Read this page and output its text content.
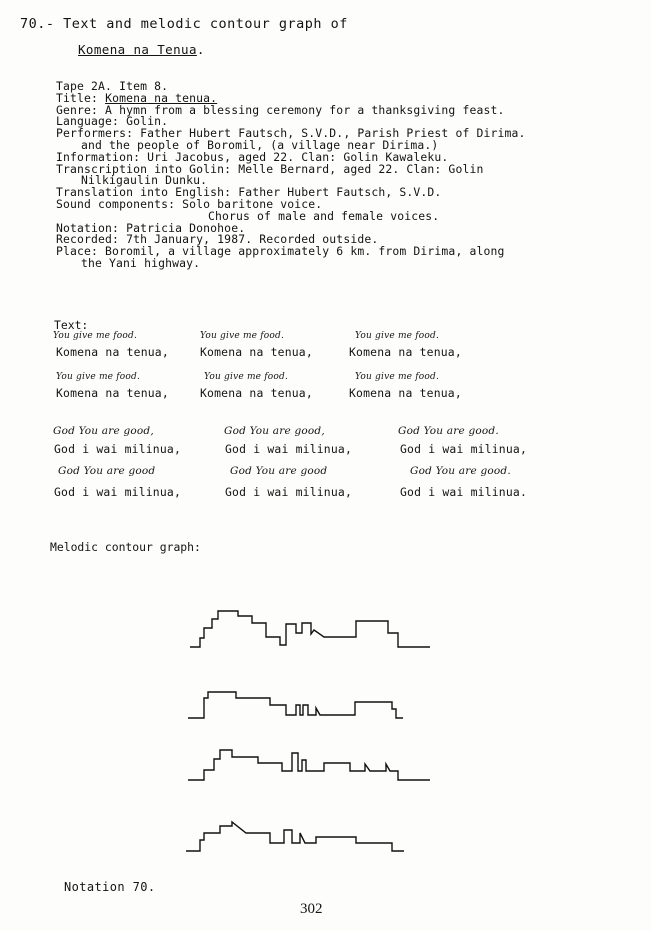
70.- Text and melodic contour graph of
Komena na Tenua.
Tape 2A. Item 8.
Title: Komena na tenua.
Genre: A hymn from a blessing ceremony for a thanksgiving feast.
Language: Golin.
Performers: Father Hubert Fautsch, S.V.D., Parish Priest of Dirima.
and the people of Boromil, (a village near Dirima.)
Information: Uri Jacobus, aged 22. Clan: Golin Kawaleku.
Transcription into Golin: Melle Bernard, aged 22. Clan: Golin
Nilkigaulin Dunku.
Translation into English: Father Hubert Fautsch, S.V.D.
Sound components: Solo baritone voice.
Chorus of male and female voices.
Notation: Patricia Donohoe.
Recorded: 7th January, 1987. Recorded outside.
Place: Boromil, a village approximately 6 km. from Dirima, along
the Yani highway.
Text:
You give me food.	You give me food.	You give me food.
Komena na tenua,	Komena na tenua,	Komena na tenua,
You give me food.	You give me food.	You give me food.
Komena na tenua,	Komena na tenua,	Komena na tenua,
God You are good,	God You are good,	God You are good.
God i wai milinua,	God i wai milinua,	God i wai milinua,
God You are good	God You are good	God You are good.
God i wai milinua,	God i wai milinua,	God i wai milinua.
Melodic contour graph:
Notation 70.
302
